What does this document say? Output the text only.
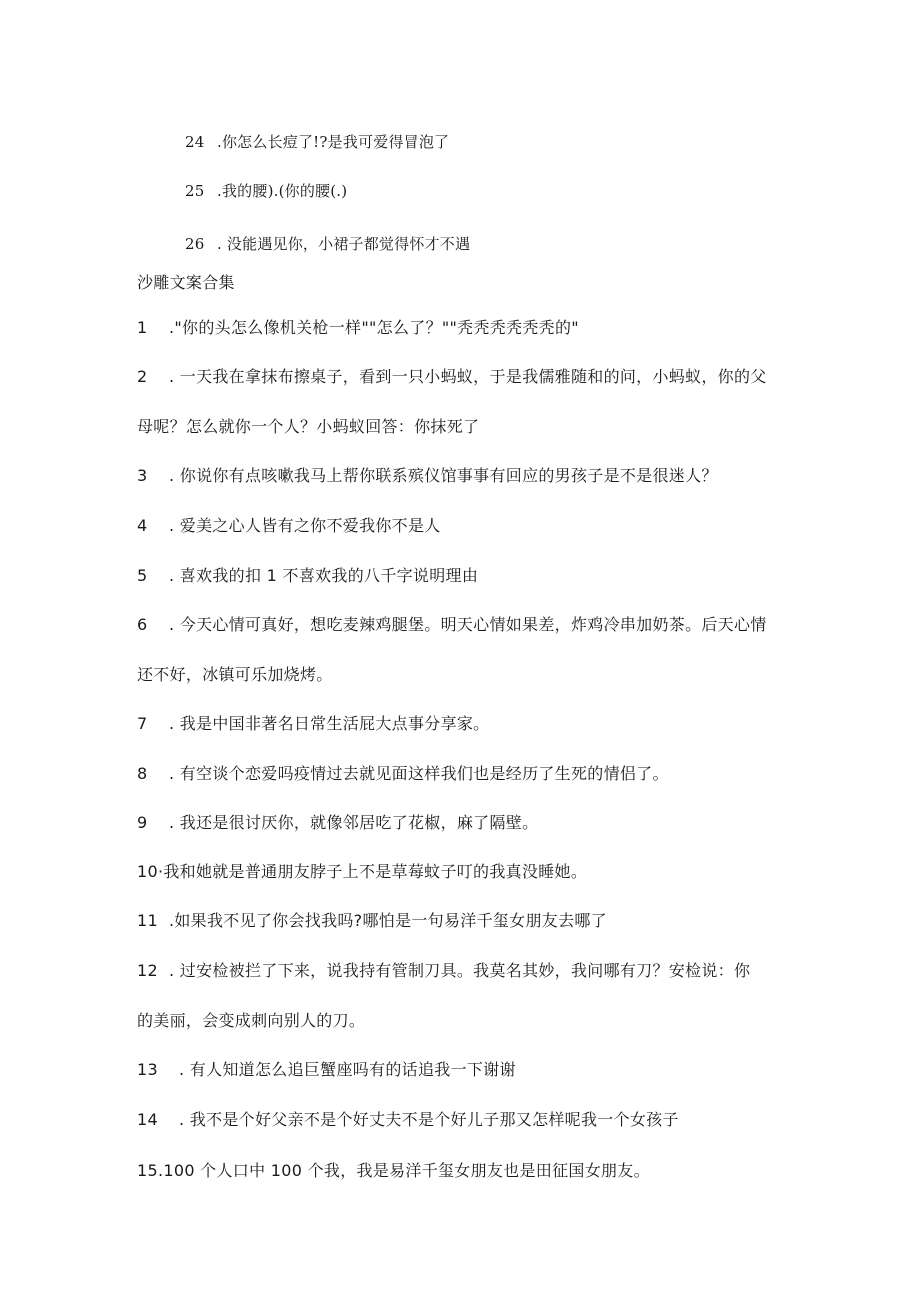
24 .你怎么长痘了!?是我可爱得冒泡了

25 .我的腰).(你的腰(.)

26 . 没能遇见你，小裙子都觉得怀才不遇

沙雕文案合集

1 ."你的头怎么像机关枪一样""怎么了？""秃秃秃秃秃秃的"

2 . 一天我在拿抹布擦桌子，看到一只小蚂蚁，于是我儒雅随和的问，小蚂蚁，你的父

母呢？怎么就你一个人？小蚂蚁回答：你抹死了

3 . 你说你有点咳嗽我马上帮你联系殡仪馆事事有回应的男孩子是不是很迷人？

4 . 爱美之心人皆有之你不爱我你不是人

5 . 喜欢我的扣 1 不喜欢我的八千字说明理由

6 . 今天心情可真好，想吃麦辣鸡腿堡。明天心情如果差，炸鸡冷串加奶茶。后天心情

还不好，冰镇可乐加烧烤。

7 . 我是中国非著名日常生活屁大点事分享家。

8 . 有空谈个恋爱吗疫情过去就见面这样我们也是经历了生死的情侣了。

9 . 我还是很讨厌你，就像邻居吃了花椒，麻了隔壁。

10·我和她就是普通朋友脖子上不是草莓蚊子叮的我真没睡她。

11 .如果我不见了你会找我吗?哪怕是一句易洋千玺女朋友去哪了

12 . 过安检被拦了下来，说我持有管制刀具。我莫名其妙，我问哪有刀？安检说：你

的美丽，会变成刺向别人的刀。

13 . 有人知道怎么追巨蟹座吗有的话追我一下谢谢

14 . 我不是个好父亲不是个好丈夫不是个好儿子那又怎样呢我一个女孩子

15.100 个人口中 100 个我，我是易洋千玺女朋友也是田征国女朋友。
